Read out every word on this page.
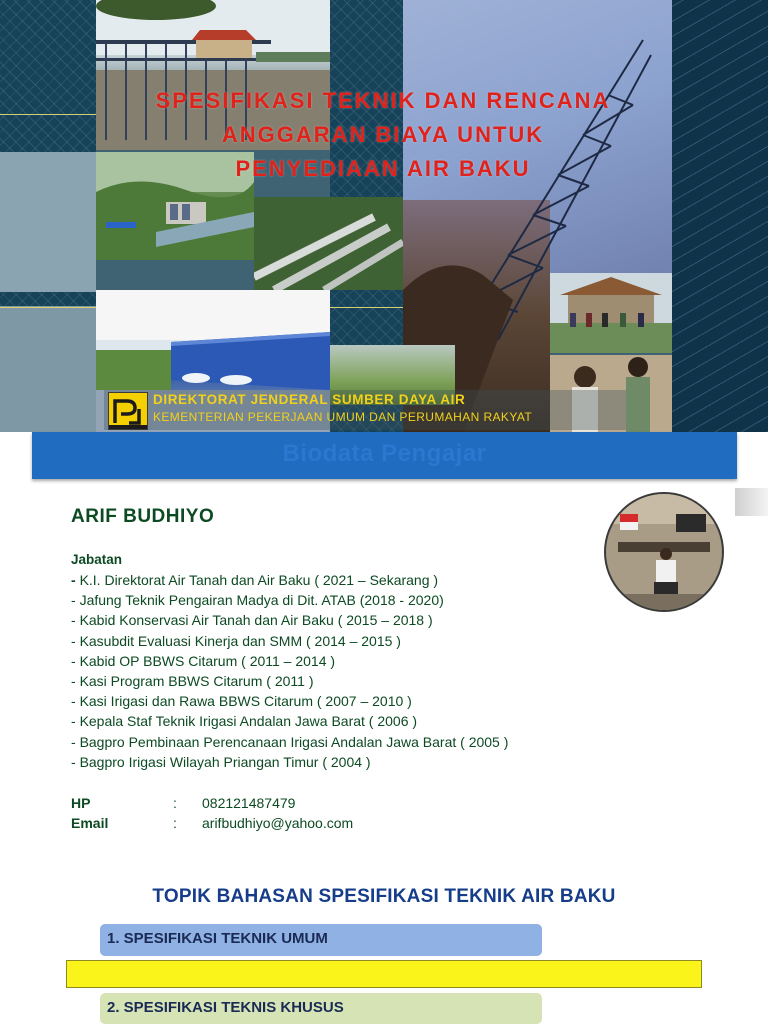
SPESIFIKASI TEKNIK DAN RENCANA
ANGGARAN BIAYA UNTUK
PENYEDIAAN AIR BAKU
DIREKTORAT JENDERAL SUMBER DAYA AIR
KEMENTERIAN PEKERJAAN UMUM DAN PERUMAHAN RAKYAT
Biodata Pengajar
ARIF BUDHIYO
Jabatan
- K.I. Direktorat Air Tanah dan Air Baku ( 2021 – Sekarang )
- Jafung Teknik Pengairan Madya di Dit. ATAB (2018 - 2020)
- Kabid Konservasi Air Tanah dan Air Baku ( 2015 – 2018 )
- Kasubdit Evaluasi Kinerja dan SMM ( 2014 – 2015 )
- Kabid OP BBWS Citarum ( 2011 – 2014 )
- Kasi Program BBWS Citarum ( 2011 )
- Kasi Irigasi dan Rawa BBWS Citarum ( 2007 – 2010 )
- Kepala Staf Teknik Irigasi Andalan Jawa Barat ( 2006 )
- Bagpro Pembinaan Perencanaan Irigasi Andalan Jawa Barat ( 2005 )
- Bagpro Irigasi Wilayah Priangan Timur ( 2004 )
HP	: 082121487479
Email	: arifbudhiyo@yahoo.com
TOPIK BAHASAN SPESIFIKASI TEKNIK AIR BAKU
1. SPESIFIKASI TEKNIK UMUM
2. SPESIFIKASI TEKNIS KHUSUS
